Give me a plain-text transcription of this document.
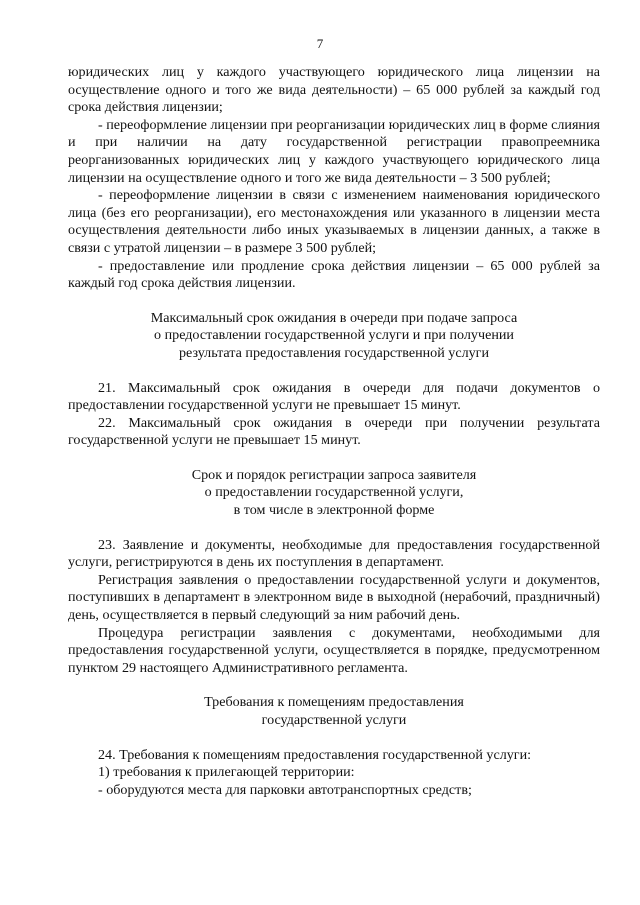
7

юридических лиц у каждого участвующего юридического лица лицензии на осуществление одного и того же вида деятельности) – 65 000 рублей за каждый год срока действия лицензии;

- переоформление лицензии при реорганизации юридических лиц в форме слияния и при наличии на дату государственной регистрации правопреемника реорганизованных юридических лиц у каждого участвующего юридического лица лицензии на осуществление одного и того же вида деятельности – 3 500 рублей;

- переоформление лицензии в связи с изменением наименования юридического лица (без его реорганизации), его местонахождения или указанного в лицензии места осуществления деятельности либо иных указываемых в лицензии данных, а также в связи с утратой лицензии – в размере 3 500 рублей;

- предоставление или продление срока действия лицензии – 65 000 рублей за каждый год срока действия лицензии.

Максимальный срок ожидания в очереди при подаче запроса
о предоставлении государственной услуги и при получении
результата предоставления государственной услуги

21. Максимальный срок ожидания в очереди для подачи документов о предоставлении государственной услуги не превышает 15 минут.

22. Максимальный срок ожидания в очереди при получении результата государственной услуги не превышает 15 минут.

Срок и порядок регистрации запроса заявителя
о предоставлении государственной услуги,
в том числе в электронной форме

23. Заявление и документы, необходимые для предоставления государственной услуги, регистрируются в день их поступления в департамент.

Регистрация заявления о предоставлении государственной услуги и документов, поступивших в департамент в электронном виде в выходной (нерабочий, праздничный) день, осуществляется в первый следующий за ним рабочий день.

Процедура регистрации заявления с документами, необходимыми для предоставления государственной услуги, осуществляется в порядке, предусмотренном пунктом 29 настоящего Административного регламента.

Требования к помещениям предоставления
государственной услуги

24. Требования к помещениям предоставления государственной услуги:

1) требования к прилегающей территории:

- оборудуются места для парковки автотранспортных средств;
